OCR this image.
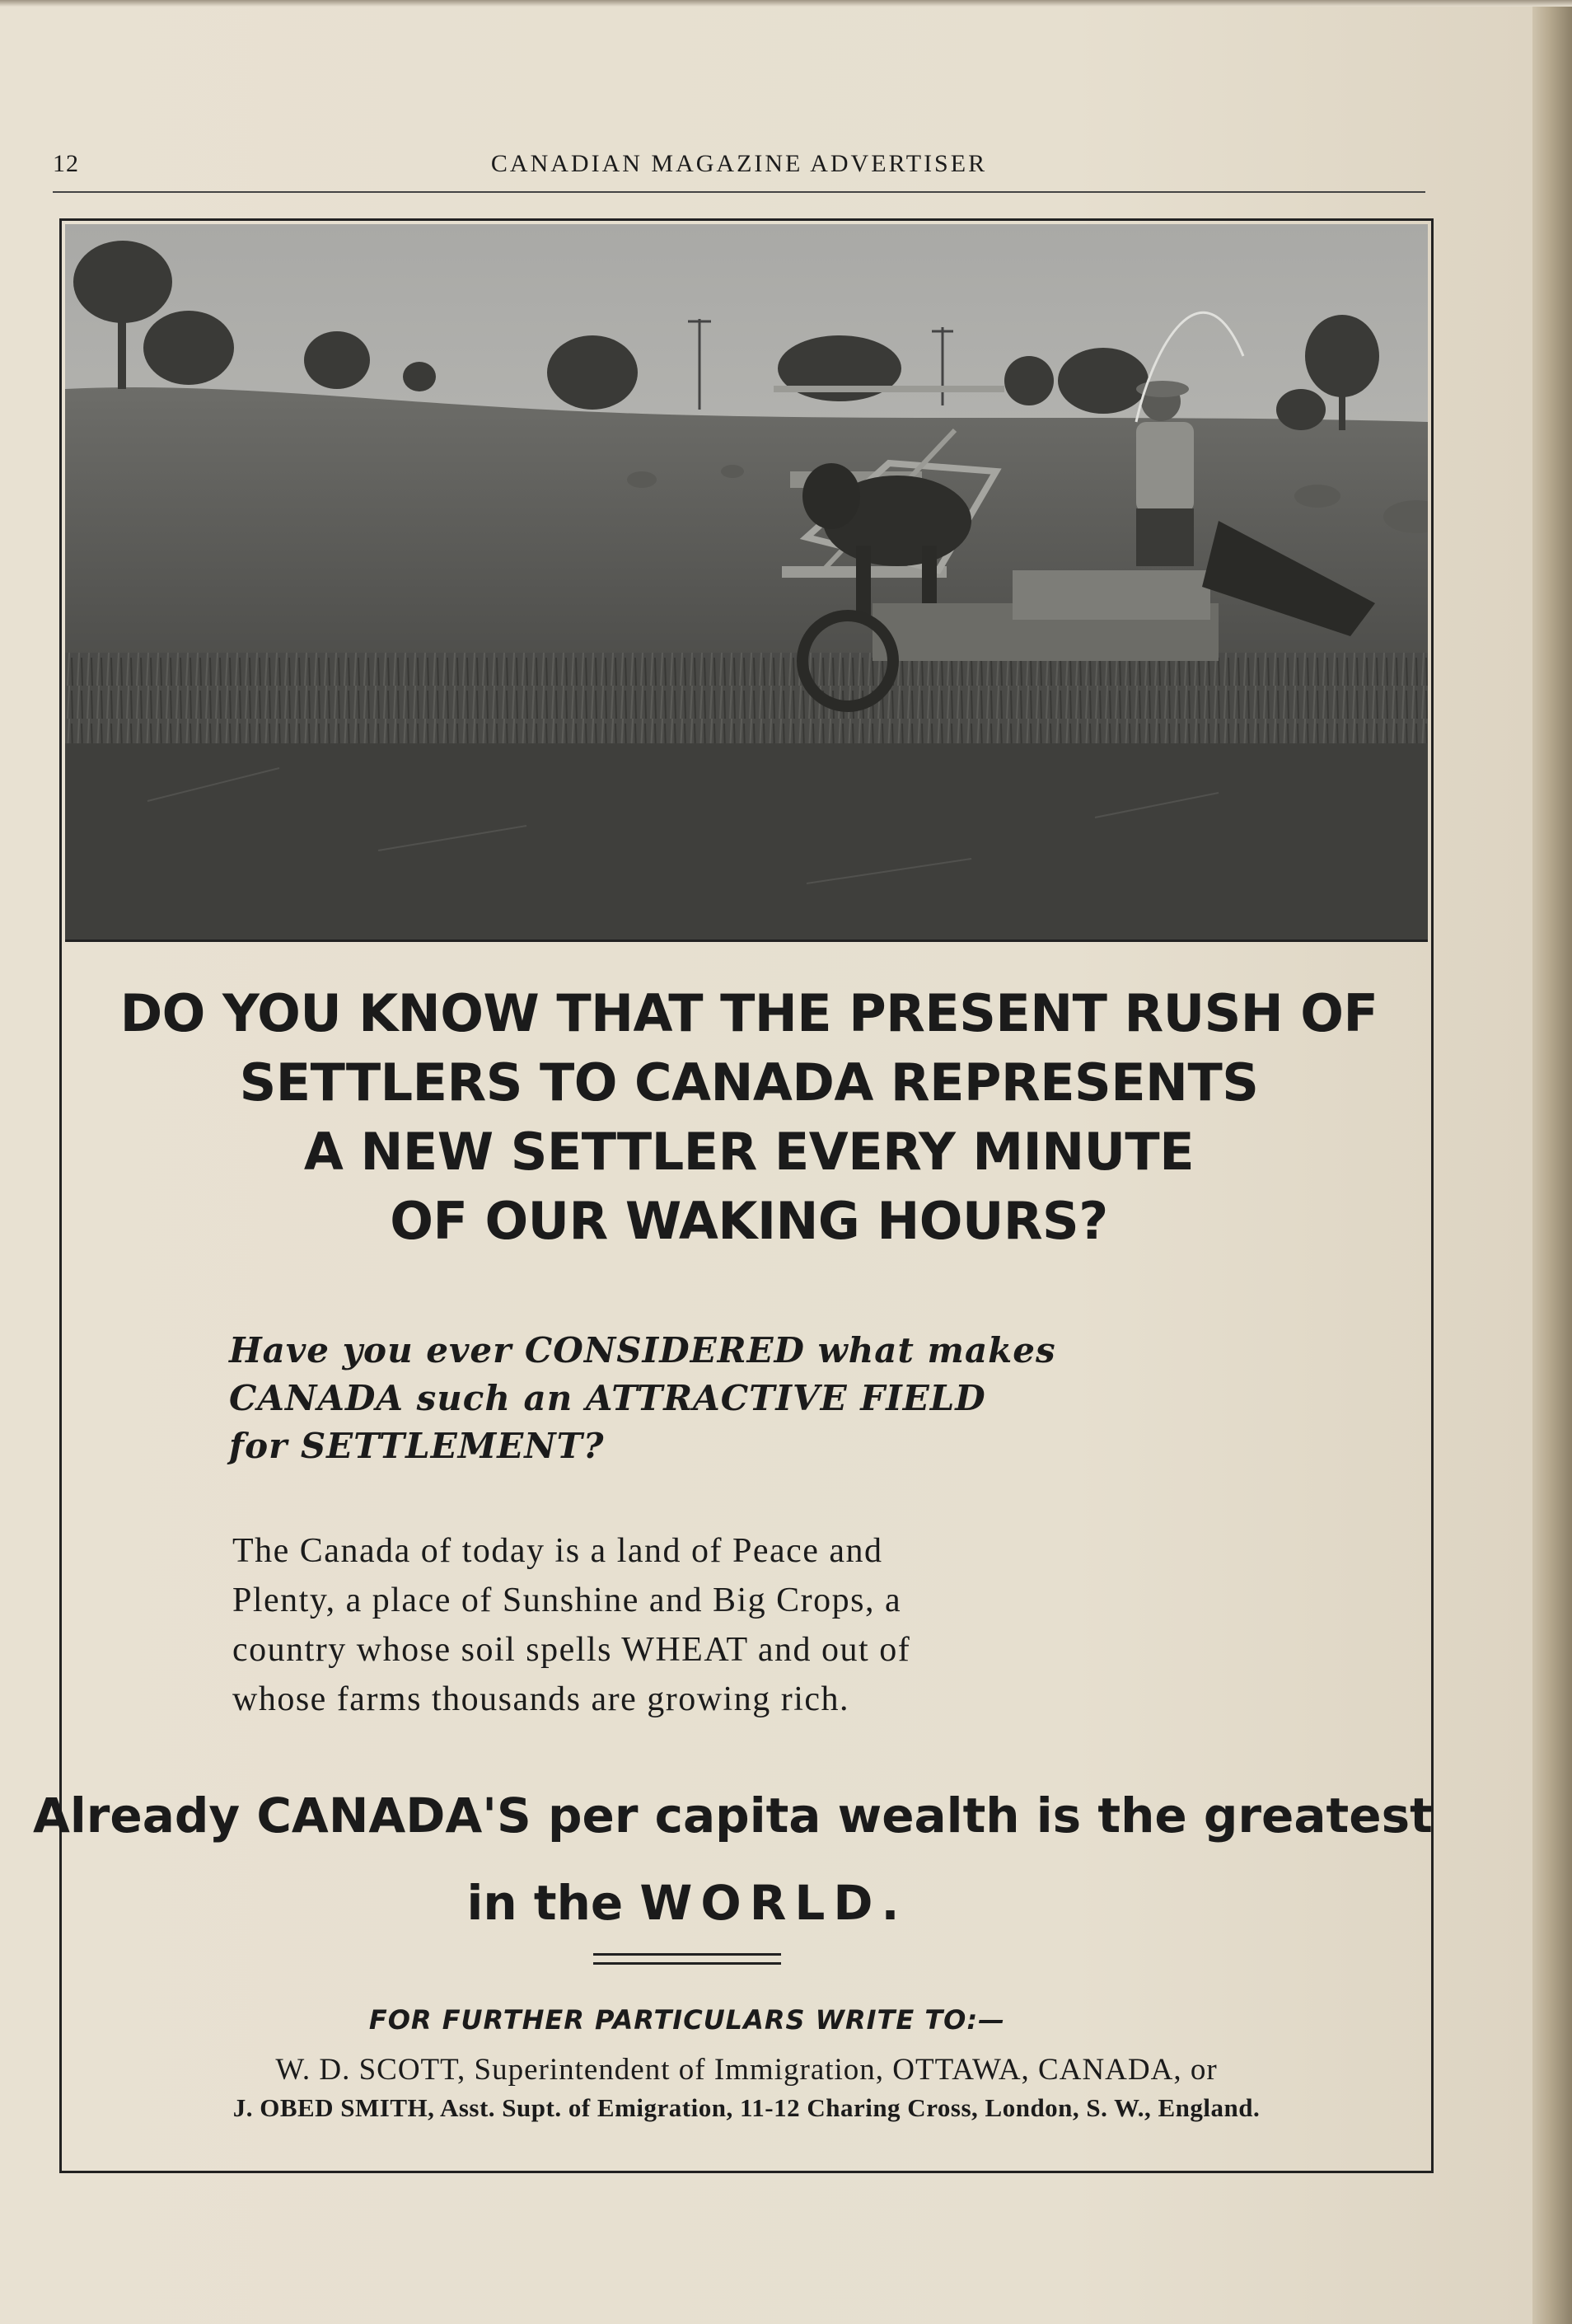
12	CANADIAN MAGAZINE ADVERTISER
DO YOU KNOW THAT THE PRESENT RUSH OF
SETTLERS TO CANADA REPRESENTS
A NEW SETTLER EVERY MINUTE
OF OUR WAKING HOURS?
Have you ever CONSIDERED what makes
CANADA such an ATTRACTIVE FIELD
for SETTLEMENT?
The Canada of today is a land of Peace and
Plenty, a place of Sunshine and Big Crops, a
country whose soil spells WHEAT and out of
whose farms thousands are growing rich.
Already CANADA'S per capita wealth is the greatest
in the WORLD.
FOR FURTHER PARTICULARS WRITE TO:—
W. D. SCOTT, Superintendent of Immigration, OTTAWA, CANADA, or
J. OBED SMITH, Asst. Supt. of Emigration, 11-12 Charing Cross, London, S. W., England.
